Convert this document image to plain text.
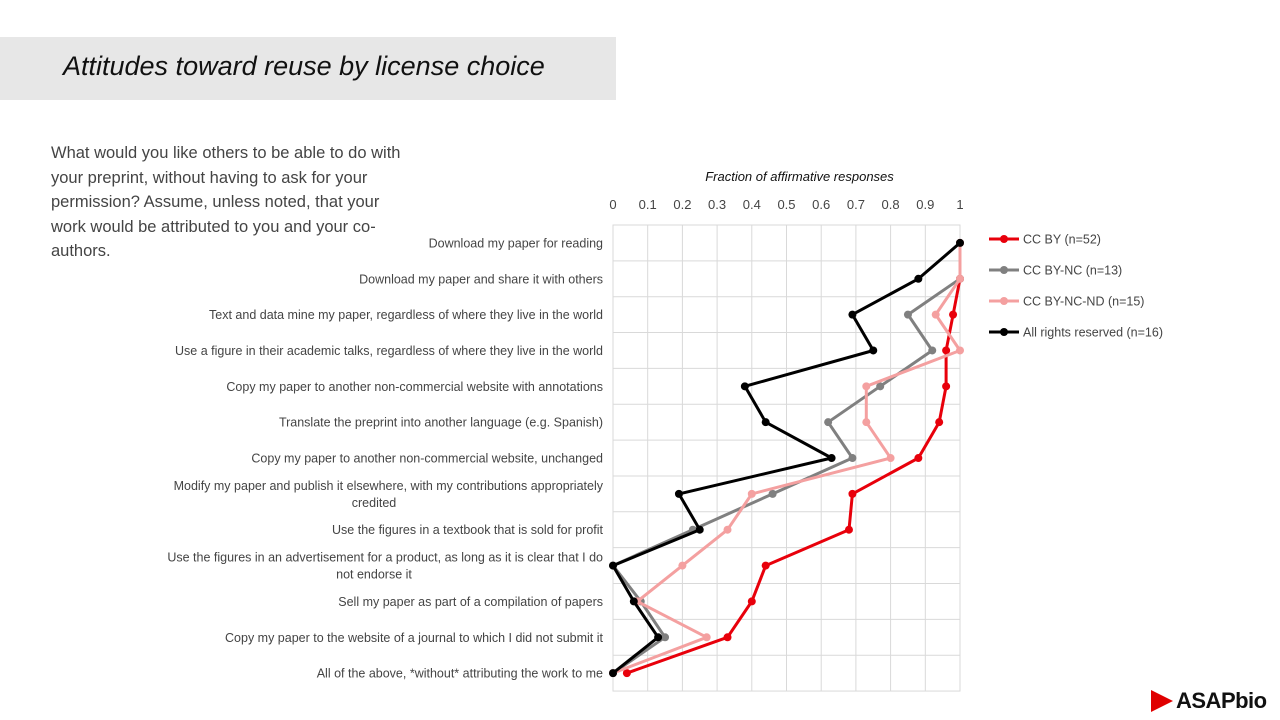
Attitudes toward reuse by license choice
What would you like others to be able to do with your preprint, without having to ask for your permission? Assume, unless noted, that your work would be attributed to you and your co-authors.
0 0.1 0.2 0.3 0.4 0.5 0.6 0.7 0.8 0.9 1
Fraction of affirmative responses
Download my paper for reading
Download my paper and share it with others
Text and data mine my paper, regardless of where they live in the world
Use a figure in their academic talks, regardless of where they live in the world
Copy my paper to another non-commercial website with annotations
Translate the preprint into another language (e.g. Spanish)
Copy my paper to another non-commercial website, unchanged
Modify my paper and publish it elsewhere, with my contributions appropriately
credited
Use the figures in a textbook that is sold for profit
Use the figures in an advertisement for a product, as long as it is clear that I do
not endorse it
Sell my paper as part of a compilation of papers
Copy my paper to the website of a journal to which I did not submit it
All of the above, *without* attributing the work to me
CC BY (n=52)
CC BY-NC (n=13)
CC BY-NC-ND (n=15)
All rights reserved (n=16)
ASAPbio
